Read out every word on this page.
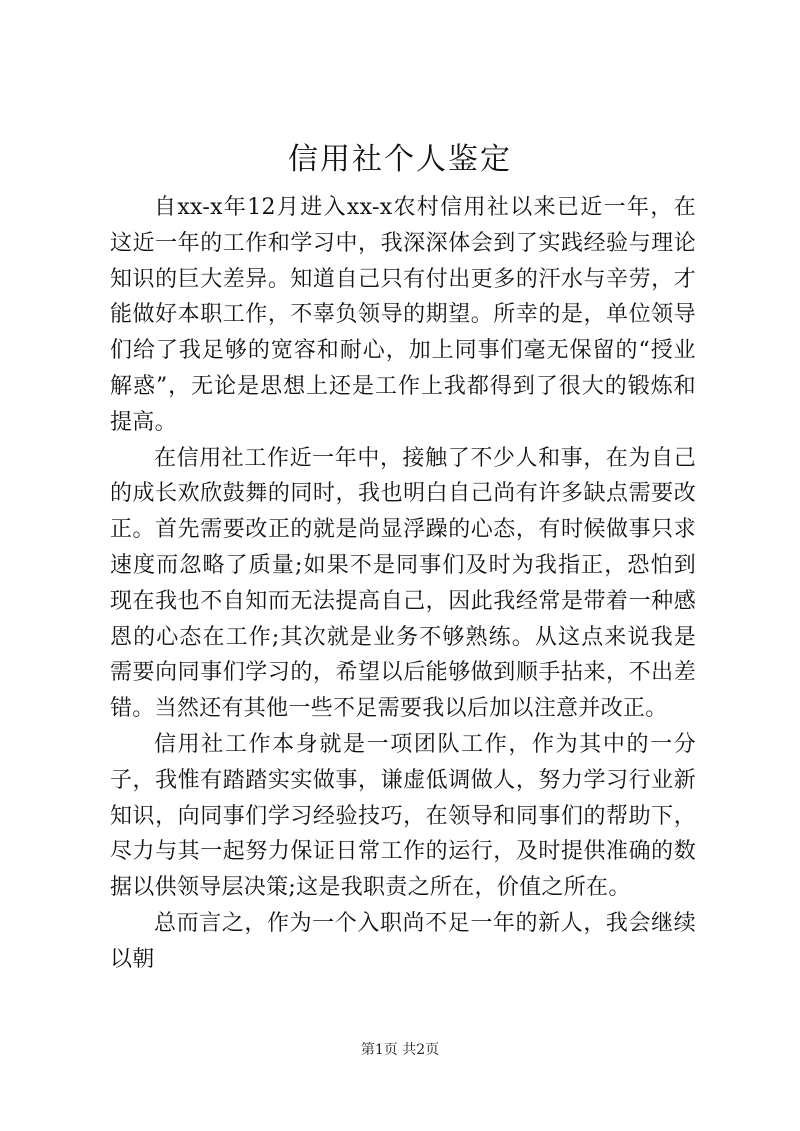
信用社个人鉴定

自xx-x年12月进入xx-x农村信用社以来已近一年，在这近一年的工作和学习中，我深深体会到了实践经验与理论知识的巨大差异。知道自己只有付出更多的汗水与辛劳，才能做好本职工作，不辜负领导的期望。所幸的是，单位领导们给了我足够的宽容和耐心，加上同事们毫无保留的“授业解惑”，无论是思想上还是工作上我都得到了很大的锻炼和提高。

在信用社工作近一年中，接触了不少人和事，在为自己的成长欢欣鼓舞的同时，我也明白自己尚有许多缺点需要改正。首先需要改正的就是尚显浮躁的心态，有时候做事只求速度而忽略了质量;如果不是同事们及时为我指正，恐怕到现在我也不自知而无法提高自己，因此我经常是带着一种感恩的心态在工作;其次就是业务不够熟练。从这点来说我是需要向同事们学习的，希望以后能够做到顺手拈来，不出差错。当然还有其他一些不足需要我以后加以注意并改正。

信用社工作本身就是一项团队工作，作为其中的一分子，我惟有踏踏实实做事，谦虚低调做人，努力学习行业新知识，向同事们学习经验技巧，在领导和同事们的帮助下，尽力与其一起努力保证日常工作的运行，及时提供准确的数据以供领导层决策;这是我职责之所在，价值之所在。

总而言之，作为一个入职尚不足一年的新人，我会继续以朝

第1页 共2页
